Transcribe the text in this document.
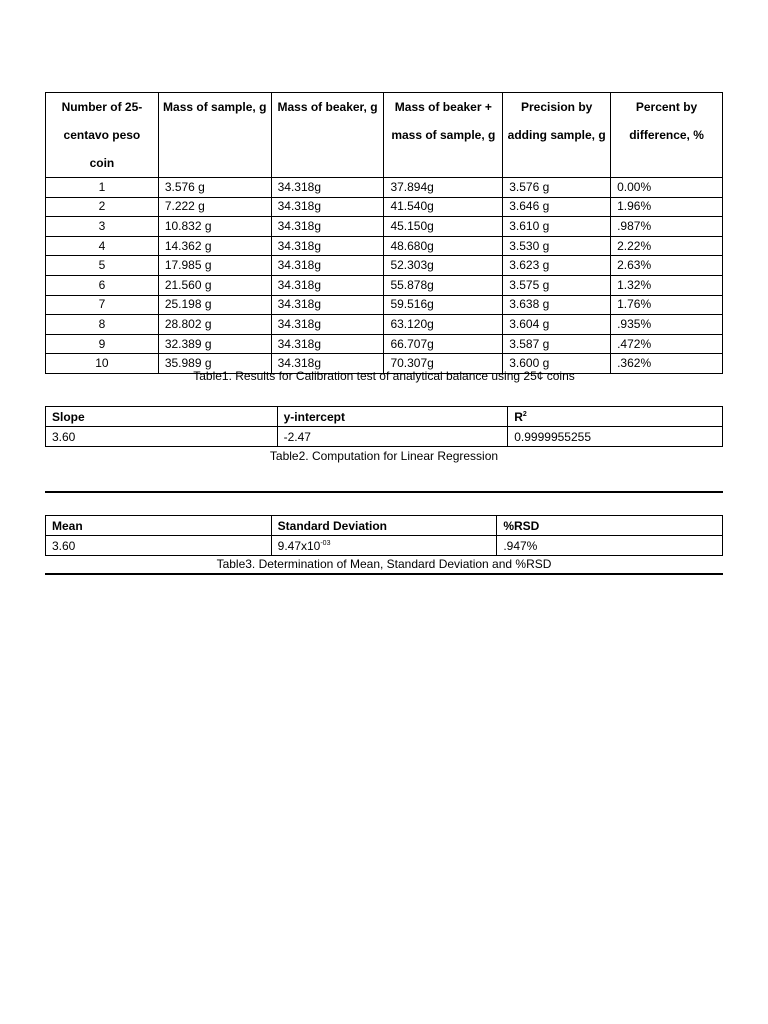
Number of 25-centavo peso coin	Mass of sample, g	Mass of beaker, g	Mass of beaker + mass of sample, g	Precision by adding sample, g	Percent by difference, %
1	3.576 g	34.318g	37.894g	3.576 g	0.00%
2	7.222 g	34.318g	41.540g	3.646 g	1.96%
3	10.832 g	34.318g	45.150g	3.610 g	.987%
4	14.362 g	34.318g	48.680g	3.530 g	2.22%
5	17.985 g	34.318g	52.303g	3.623 g	2.63%
6	21.560 g	34.318g	55.878g	3.575 g	1.32%
7	25.198 g	34.318g	59.516g	3.638 g	1.76%
8	28.802 g	34.318g	63.120g	3.604 g	.935%
9	32.389 g	34.318g	66.707g	3.587 g	.472%
10	35.989 g	34.318g	70.307g	3.600 g	.362%
Table1. Results for Calibration test of analytical balance using 25¢ coins
Slope	y-intercept	$R^2$
3.60	-2.47	0.9999955255
Table2. Computation for Linear Regression
Mean	Standard Deviation	%RSD
3.60	$9.47x10^{-03}$	.947%
Table3. Determination of Mean, Standard Deviation and %RSD
